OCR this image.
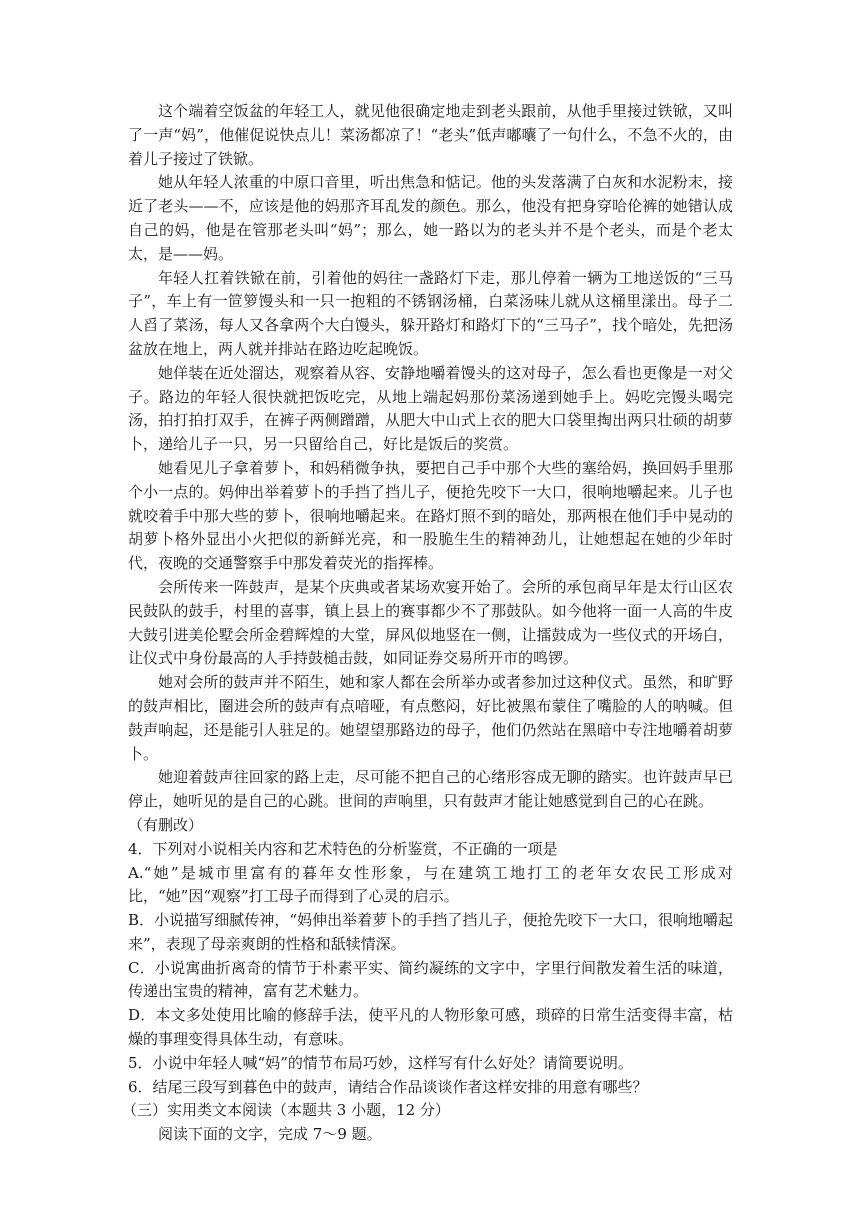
这个端着空饭盆的年轻工人，就见他很确定地走到老头跟前，从他手里接过铁锨，又叫了一声“妈”，他催促说快点儿！菜汤都凉了！“老头”低声嘟囔了一句什么，不急不火的，由着儿子接过了铁锨。

她从年轻人浓重的中原口音里，听出焦急和惦记。他的头发落满了白灰和水泥粉末，接近了老头——不，应该是他的妈那齐耳乱发的颜色。那么，他没有把身穿哈伦裤的她错认成自己的妈，他是在管那老头叫“妈”；那么，她一路以为的老头并不是个老头，而是个老太太，是——妈。

年轻人扛着铁锨在前，引着他的妈往一盏路灯下走，那儿停着一辆为工地送饭的“三马子”，车上有一笸箩馒头和一只一抱粗的不锈钢汤桶，白菜汤味儿就从这桶里漾出。母子二人舀了菜汤，每人又各拿两个大白馒头，躲开路灯和路灯下的“三马子”，找个暗处，先把汤盆放在地上，两人就并排站在路边吃起晚饭。

她佯装在近处溜达，观察着从容、安静地嚼着馒头的这对母子，怎么看也更像是一对父子。路边的年轻人很快就把饭吃完，从地上端起妈那份菜汤递到她手上。妈吃完馒头喝完汤，拍打拍打双手，在裤子两侧蹭蹭，从肥大中山式上衣的肥大口袋里掏出两只壮硕的胡萝卜，递给儿子一只，另一只留给自己，好比是饭后的奖赏。

她看见儿子拿着萝卜，和妈稍微争执，要把自己手中那个大些的塞给妈，换回妈手里那个小一点的。妈伸出举着萝卜的手挡了挡儿子，便抢先咬下一大口，很响地嚼起来。儿子也就咬着手中那大些的萝卜，很响地嚼起来。在路灯照不到的暗处，那两根在他们手中晃动的胡萝卜格外显出小火把似的新鲜光亮，和一股脆生生的精神劲儿，让她想起在她的少年时代，夜晚的交通警察手中那发着荧光的指挥棒。

会所传来一阵鼓声，是某个庆典或者某场欢宴开始了。会所的承包商早年是太行山区农民鼓队的鼓手，村里的喜事，镇上县上的赛事都少不了那鼓队。如今他将一面一人高的牛皮大鼓引进美伦墅会所金碧辉煌的大堂，屏风似地竖在一侧，让擂鼓成为一些仪式的开场白，让仪式中身份最高的人手持鼓槌击鼓，如同证券交易所开市的鸣锣。

她对会所的鼓声并不陌生，她和家人都在会所举办或者参加过这种仪式。虽然，和旷野的鼓声相比，圈进会所的鼓声有点喑哑，有点憋闷，好比被黑布蒙住了嘴脸的人的呐喊。但鼓声响起，还是能引人驻足的。她望望那路边的母子，他们仍然站在黑暗中专注地嚼着胡萝卜。

她迎着鼓声往回家的路上走，尽可能不把自己的心绪形容成无聊的踏实。也许鼓声早已停止，她听见的是自己的心跳。世间的声响里，只有鼓声才能让她感觉到自己的心在跳。

（有删改）

4．下列对小说相关内容和艺术特色的分析鉴赏，不正确的一项是

A.“她”是城市里富有的暮年女性形象，与在建筑工地打工的老年女农民工形成对比，“她”因“观察”打工母子而得到了心灵的启示。

B．小说描写细腻传神，“妈伸出举着萝卜的手挡了挡儿子，便抢先咬下一大口，很响地嚼起来”，表现了母亲爽朗的性格和舐犊情深。

C．小说寓曲折离奇的情节于朴素平实、简约凝练的文字中，字里行间散发着生活的味道，传递出宝贵的精神，富有艺术魅力。

D．本文多处使用比喻的修辞手法，使平凡的人物形象可感，琐碎的日常生活变得丰富，枯燥的事理变得具体生动，有意味。

5．小说中年轻人喊“妈”的情节布局巧妙，这样写有什么好处？请简要说明。

6．结尾三段写到暮色中的鼓声，请结合作品谈谈作者这样安排的用意有哪些？

（三）实用类文本阅读（本题共 3 小题，12 分）

阅读下面的文字，完成 7～9 题。
